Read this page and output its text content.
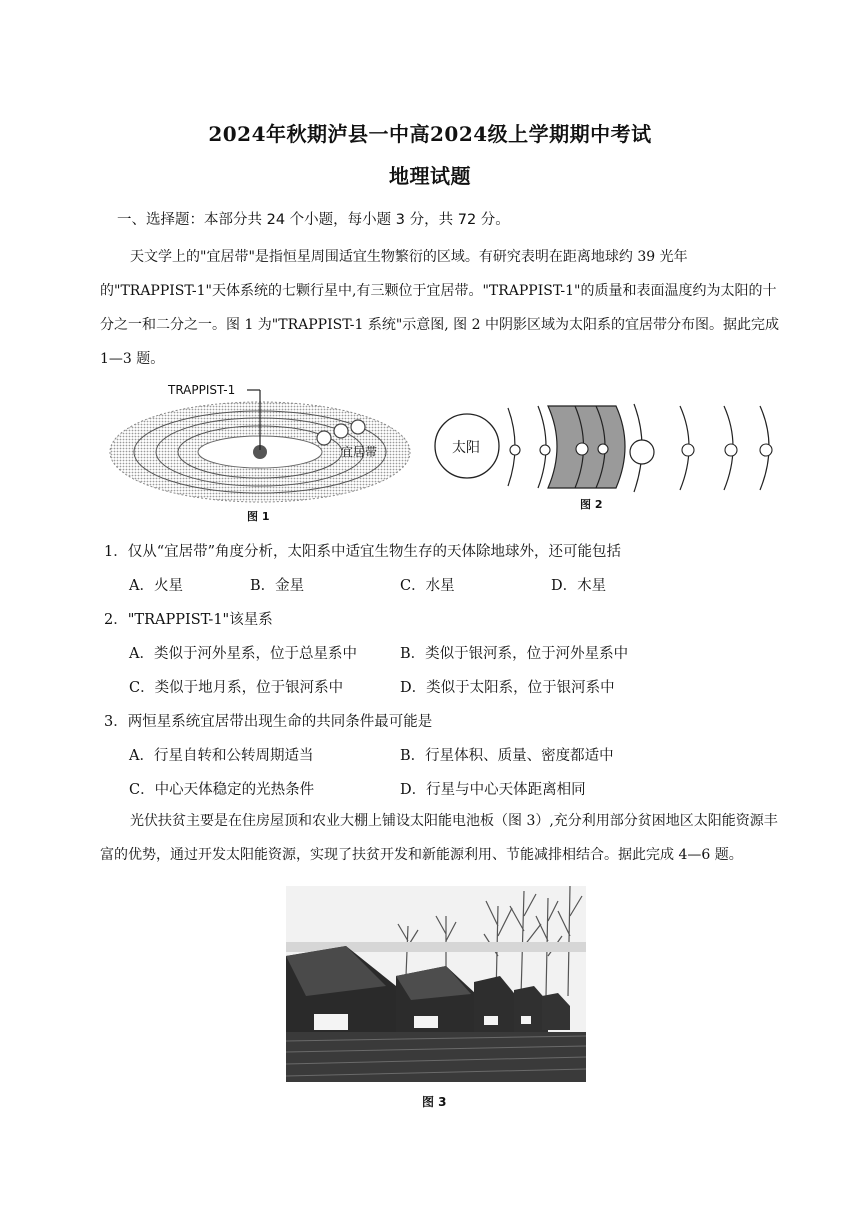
2024年秋期泸县一中高2024级上学期期中考试
地理试题
一、选择题：本部分共 24 个小题，每小题 3 分，共 72 分。
天文学上的"宜居带"是指恒星周围适宜生物繁衍的区域。有研究表明在距离地球约 39 光年的"TRAPPIST-1"天体系统的七颗行星中,有三颗位于宜居带。"TRAPPIST-1"的质量和表面温度约为太阳的十分之一和二分之一。图 1 为"TRAPPIST-1 系统"示意图, 图 2 中阴影区域为太阳系的宜居带分布图。据此完成 1—3 题。
TRAPPIST-1
宜居带
图 1
太阳
图 2
1．仅从“宜居带”角度分析，太阳系中适宜生物生存的天体除地球外，还可能包括
A．火星	B．金星	C．水星	D．木星
2．"TRAPPIST-1"该星系
A．类似于河外星系，位于总星系中	B．类似于银河系，位于河外星系中
C．类似于地月系，位于银河系中	D．类似于太阳系，位于银河系中
3．两恒星系统宜居带出现生命的共同条件最可能是
A．行星自转和公转周期适当	B．行星体积、质量、密度都适中
C．中心天体稳定的光热条件	D．行星与中心天体距离相同
光伏扶贫主要是在住房屋顶和农业大棚上铺设太阳能电池板（图 3）,充分利用部分贫困地区太阳能资源丰富的优势，通过开发太阳能资源，实现了扶贫开发和新能源利用、节能减排相结合。据此完成 4—6 题。
图 3
